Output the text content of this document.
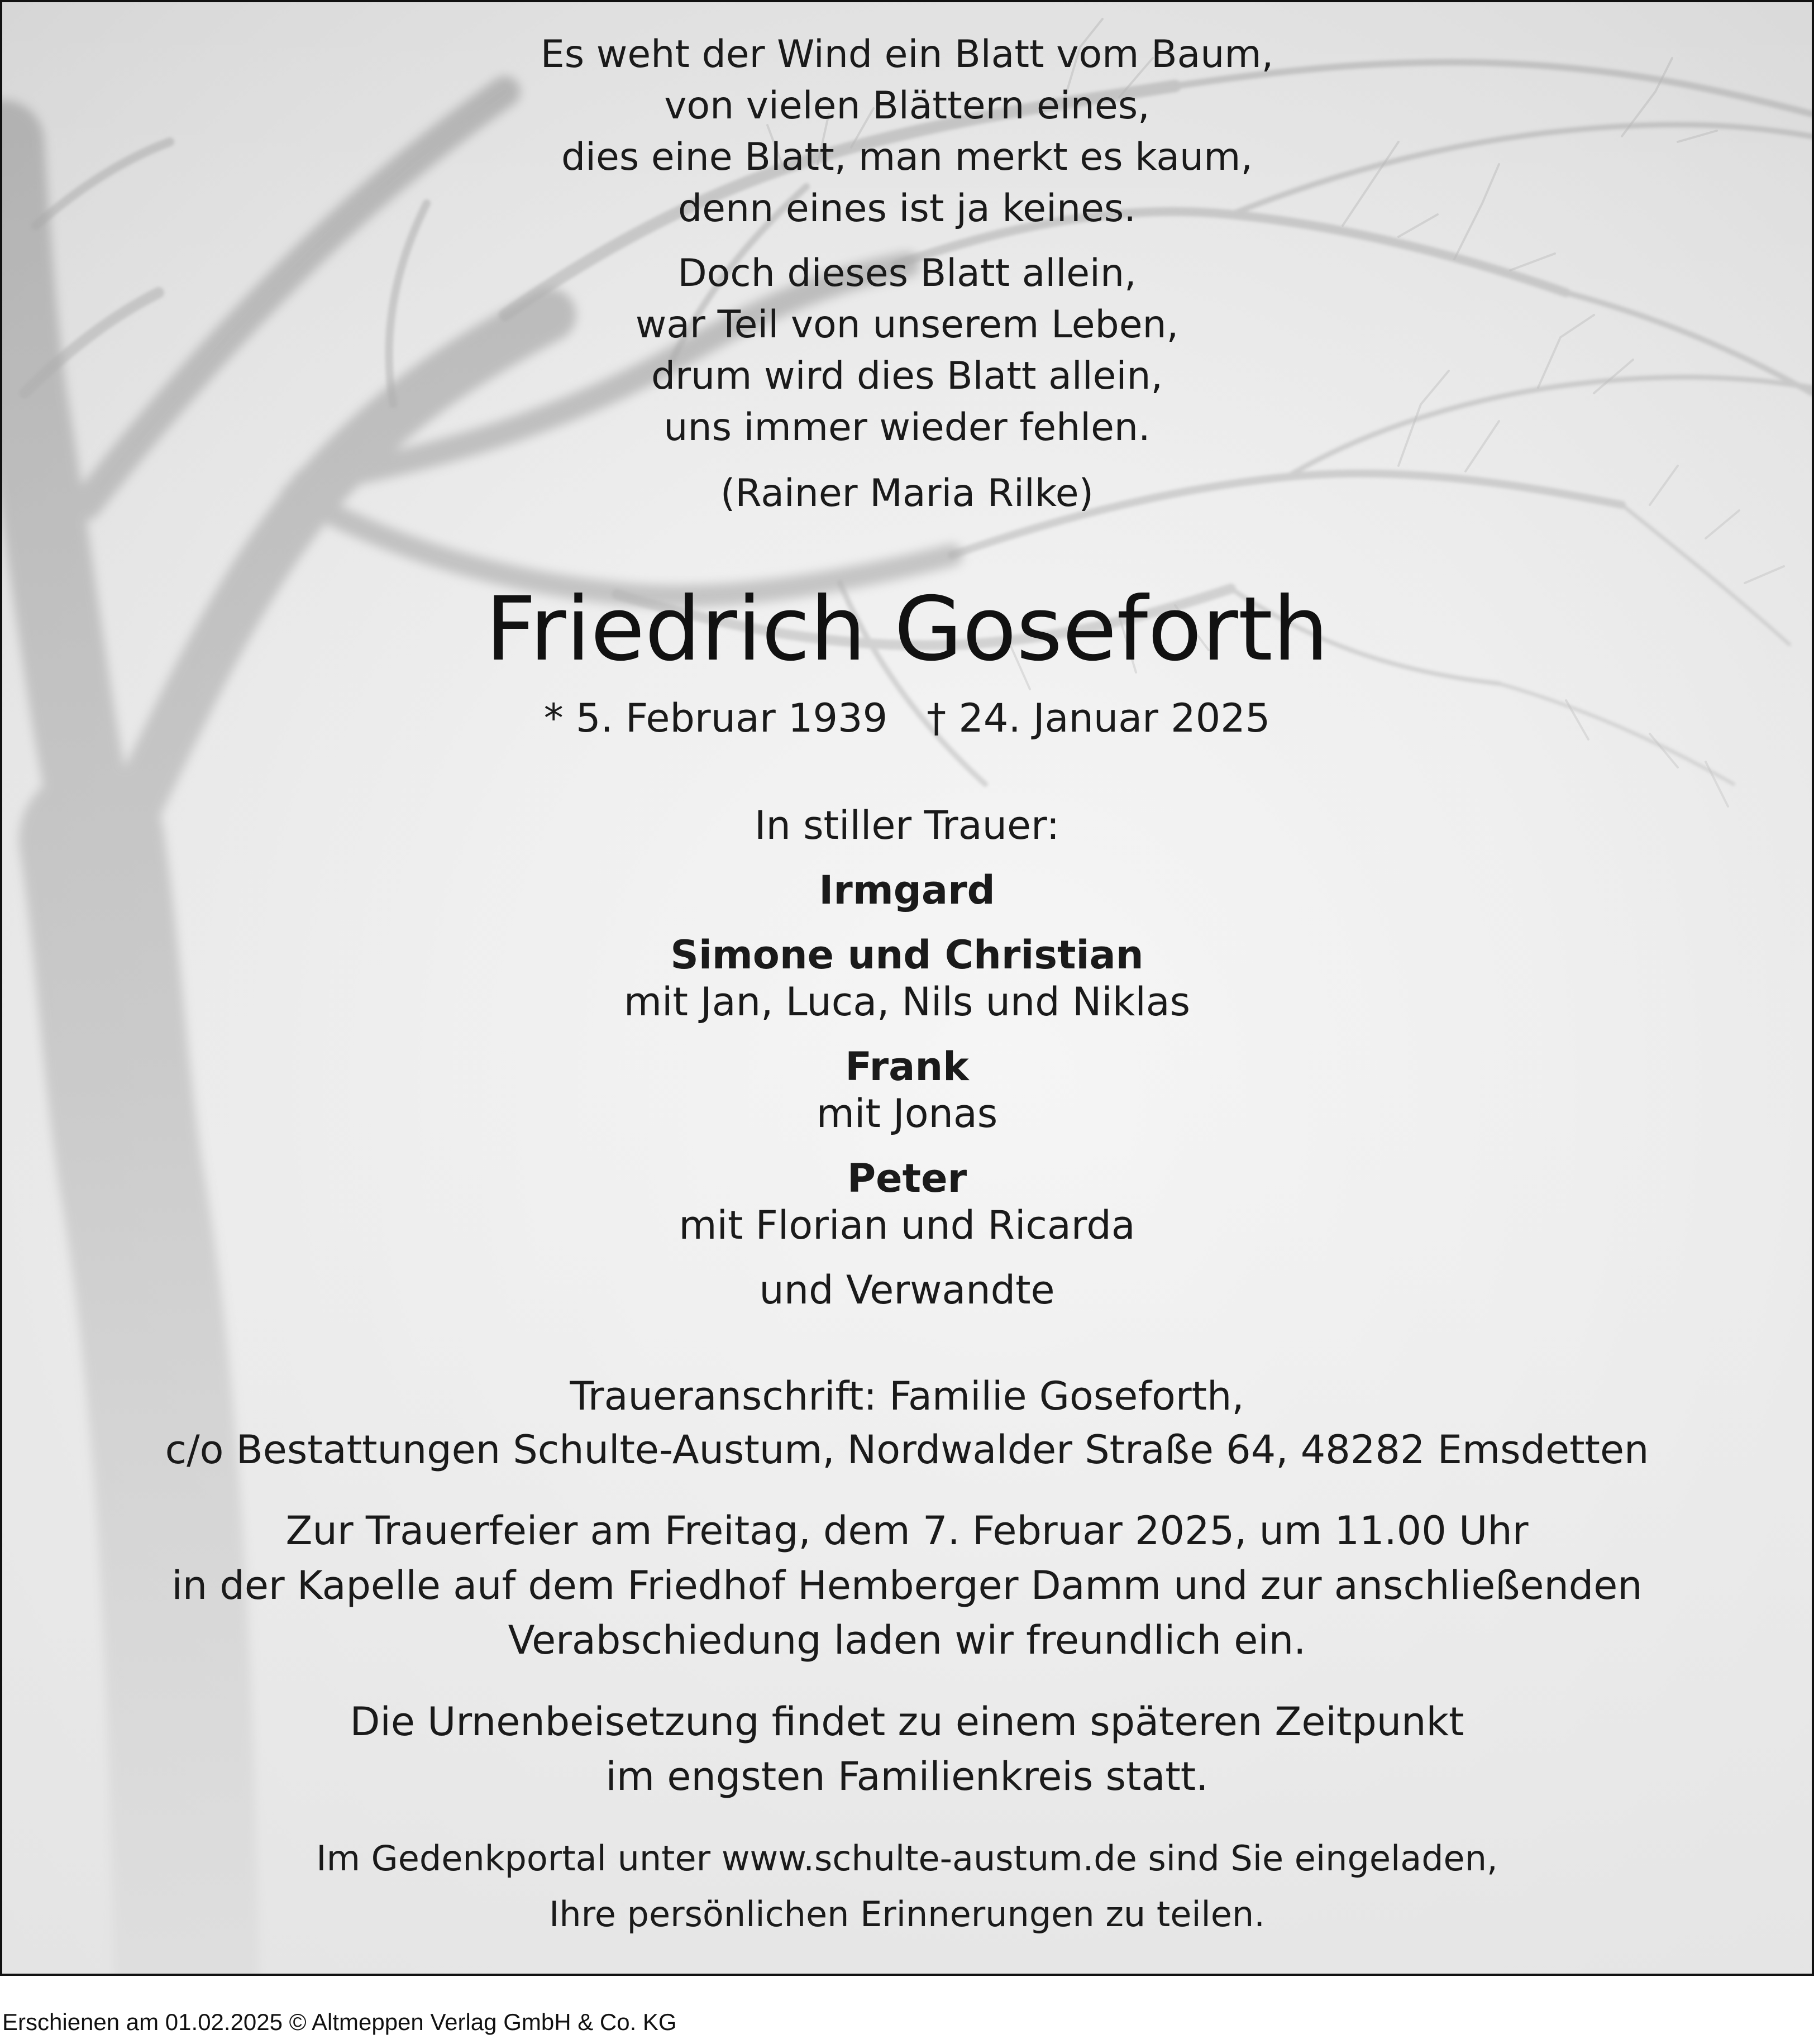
Es weht der Wind ein Blatt vom Baum,
von vielen Blättern eines,
dies eine Blatt, man merkt es kaum,
denn eines ist ja keines.
Doch dieses Blatt allein,
war Teil von unserem Leben,
drum wird dies Blatt allein,
uns immer wieder fehlen.
(Rainer Maria Rilke)
Friedrich Goseforth
* 5. Februar 1939 † 24. Januar 2025
In stiller Trauer:
Irmgard
Simone und Christian
mit Jan, Luca, Nils und Niklas
Frank
mit Jonas
Peter
mit Florian und Ricarda
und Verwandte
Traueranschrift: Familie Goseforth,
c/o Bestattungen Schulte-Austum, Nordwalder Straße 64, 48282 Emsdetten
Zur Trauerfeier am Freitag, dem 7. Februar 2025, um 11.00 Uhr
in der Kapelle auf dem Friedhof Hemberger Damm und zur anschließenden
Verabschiedung laden wir freundlich ein.
Die Urnenbeisetzung findet zu einem späteren Zeitpunkt
im engsten Familienkreis statt.
Im Gedenkportal unter www.schulte-austum.de sind Sie eingeladen,
Ihre persönlichen Erinnerungen zu teilen.
Erschienen am 01.02.2025 © Altmeppen Verlag GmbH & Co. KG
